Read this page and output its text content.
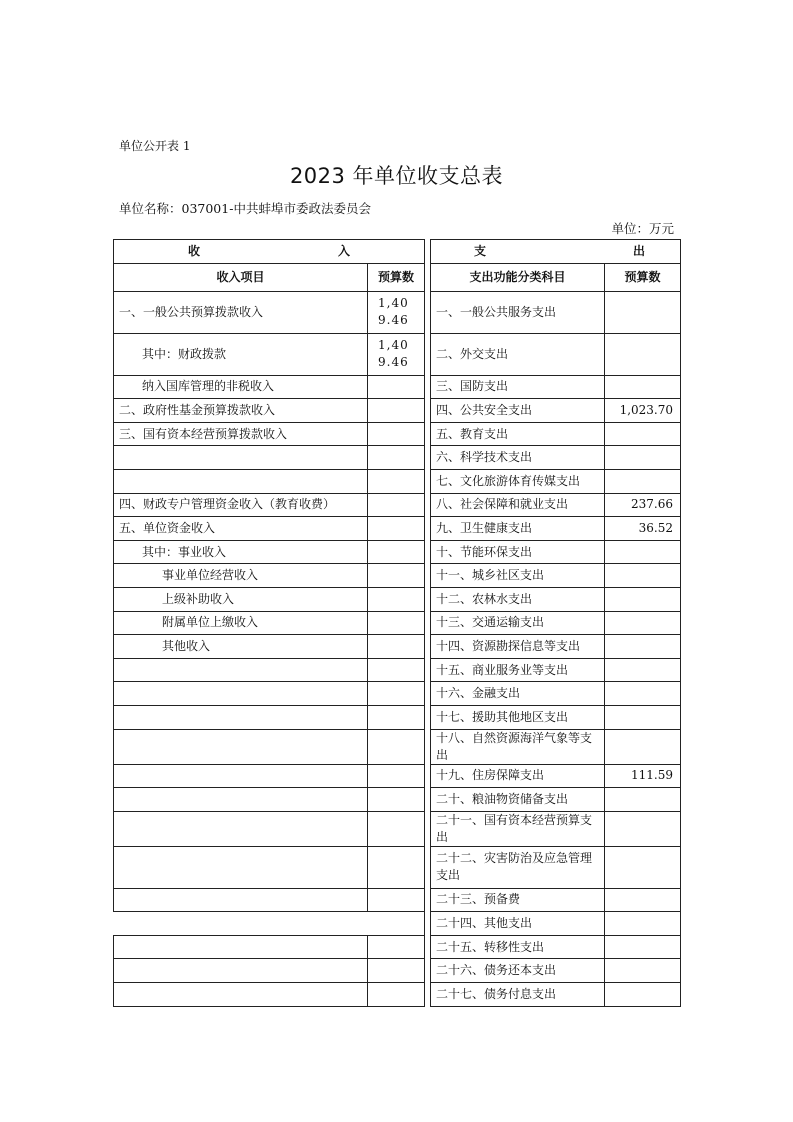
单位公开表 1
2023 年单位收支总表
单位名称：037001-中共蚌埠市委政法委员会
单位：万元
收 入			支 出	

收入项目	预算数		支出功能分类科目	预算数
一、一般公共预算拨款收入	1,409.46		一、一般公共服务支出	
其中：财政拨款	1,409.46		二、外交支出	
纳入国库管理的非税收入			三、国防支出	
二、政府性基金预算拨款收入			四、公共安全支出	1,023.70
三、国有资本经营预算拨款收入			五、教育支出	
			六、科学技术支出	
			七、文化旅游体育传媒支出	
四、财政专户管理资金收入（教育收费）			八、社会保障和就业支出	237.66
五、单位资金收入			九、卫生健康支出	36.52
其中：事业收入			十、节能环保支出	
事业单位经营收入			十一、城乡社区支出	
上级补助收入			十二、农林水支出	
附属单位上缴收入			十三、交通运输支出	
其他收入			十四、资源勘探信息等支出	
			十五、商业服务业等支出	
			十六、金融支出	
			十七、援助其他地区支出	
			十八、自然资源海洋气象等支出	
			十九、住房保障支出	111.59
			二十、粮油物资储备支出	
			二十一、国有资本经营预算支出	
			二十二、灾害防治及应急管理支出	
			二十三、预备费	
			二十四、其他支出	
			二十五、转移性支出	
			二十六、债务还本支出	
			二十七、债务付息支出	
